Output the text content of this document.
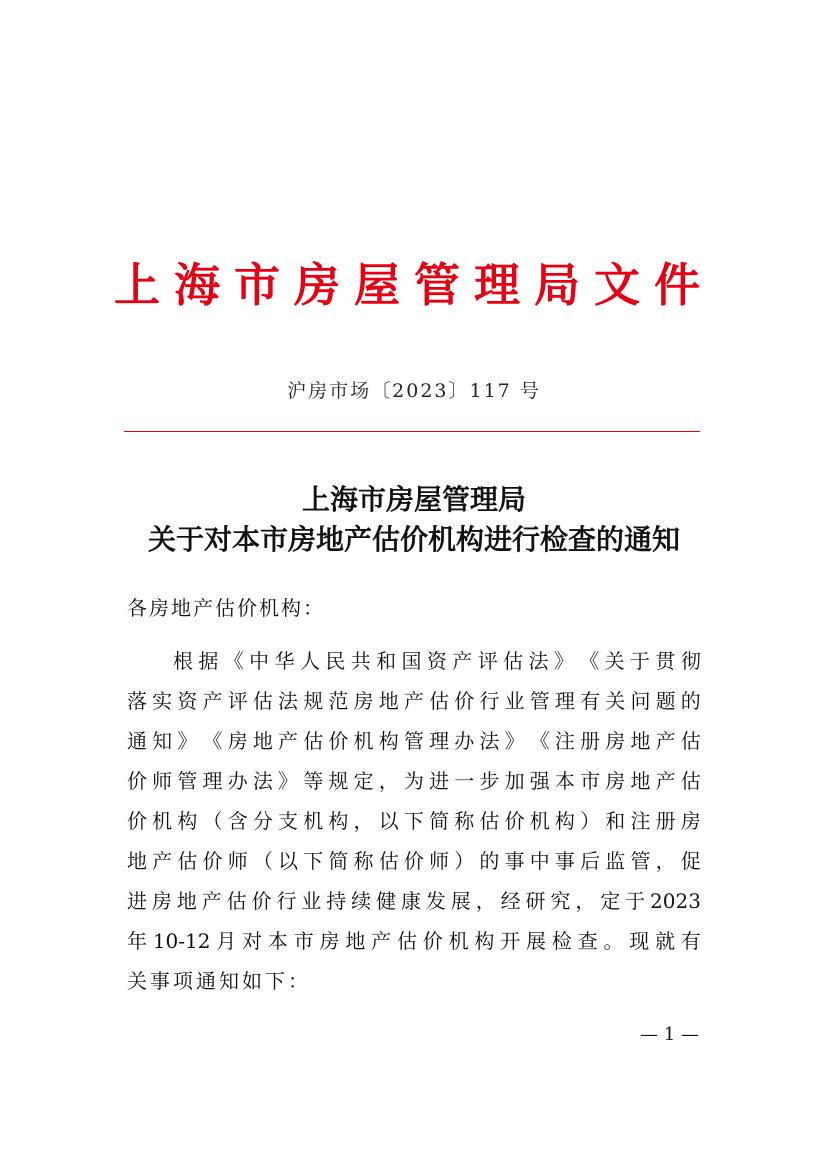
上海市房屋管理局文件
沪房市场〔2023〕117 号
上海市房屋管理局
关于对本市房地产估价机构进行检查的通知
各房地产估价机构：
根 据 《 中 华 人 民 共 和 国 资 产 评 估 法 》 《 关 于 贯 彻
落 实 资 产 评 估 法 规 范 房 地 产 估 价 行 业 管 理 有 关 问 题 的
通 知 》 《 房 地 产 估 价 机 构 管 理 办 法 》 《 注 册 房 地 产 估
价 师 管 理 办 法 》 等 规 定 ， 为 进 一 步 加 强 本 市 房 地 产 估
价 机 构 （ 含 分 支 机 构 ， 以 下 简 称 估 价 机 构 ） 和 注 册 房
地 产 估 价 师 （ 以 下 简 称 估 价 师 ） 的 事 中 事 后 监 管 ， 促
进 房 地 产 估 价 行 业 持 续 健 康 发 展 ， 经 研 究 ， 定 于 2023
年 10-12 月 对 本 市 房 地 产 估 价 机 构 开 展 检 查 。 现 就 有
关 事 项 通 知 如 下 ：
— 1 —
